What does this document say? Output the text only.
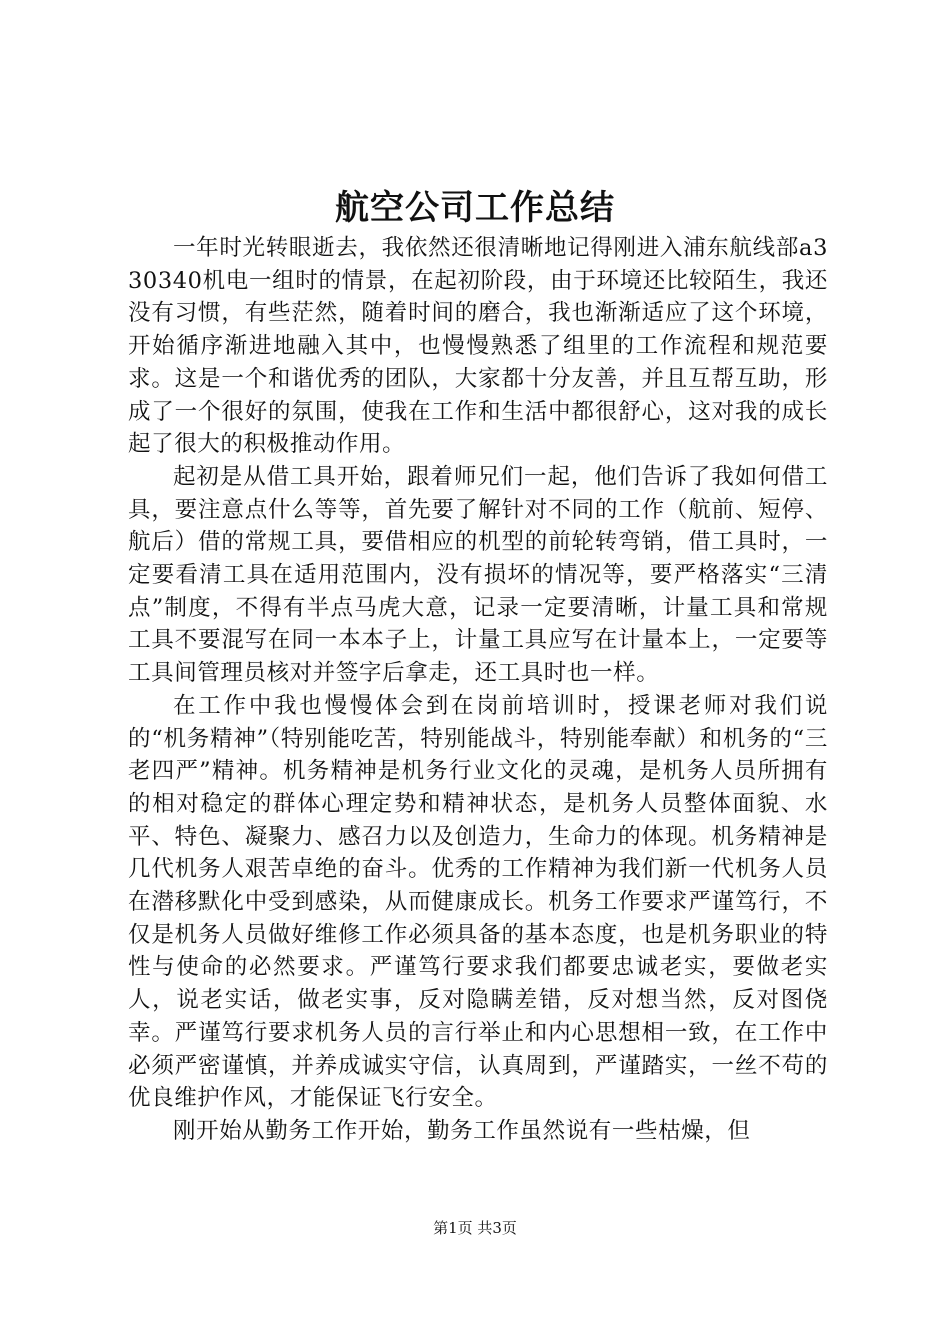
航空公司工作总结

一年时光转眼逝去，我依然还很清晰地记得刚进入浦东航线部a330340机电一组时的情景，在起初阶段，由于环境还比较陌生，我还没有习惯，有些茫然，随着时间的磨合，我也渐渐适应了这个环境，开始循序渐进地融入其中，也慢慢熟悉了组里的工作流程和规范要求。这是一个和谐优秀的团队，大家都十分友善，并且互帮互助，形成了一个很好的氛围，使我在工作和生活中都很舒心，这对我的成长起了很大的积极推动作用。

起初是从借工具开始，跟着师兄们一起，他们告诉了我如何借工具，要注意点什么等等，首先要了解针对不同的工作（航前、短停、航后）借的常规工具，要借相应的机型的前轮转弯销，借工具时，一定要看清工具在适用范围内，没有损坏的情况等，要严格落实“三清点”制度，不得有半点马虎大意，记录一定要清晰，计量工具和常规工具不要混写在同一本本子上，计量工具应写在计量本上，一定要等工具间管理员核对并签字后拿走，还工具时也一样。

在工作中我也慢慢体会到在岗前培训时，授课老师对我们说的“机务精神”（特别能吃苦，特别能战斗，特别能奉献）和机务的“三老四严”精神。机务精神是机务行业文化的灵魂，是机务人员所拥有的相对稳定的群体心理定势和精神状态，是机务人员整体面貌、水平、特色、凝聚力、感召力以及创造力，生命力的体现。机务精神是几代机务人艰苦卓绝的奋斗。优秀的工作精神为我们新一代机务人员在潜移默化中受到感染，从而健康成长。机务工作要求严谨笃行，不仅是机务人员做好维修工作必须具备的基本态度，也是机务职业的特性与使命的必然要求。严谨笃行要求我们都要忠诚老实，要做老实人，说老实话，做老实事，反对隐瞒差错，反对想当然，反对图侥幸。严谨笃行要求机务人员的言行举止和内心思想相一致，在工作中必须严密谨慎，并养成诚实守信，认真周到，严谨踏实，一丝不苟的优良维护作风，才能保证飞行安全。

刚开始从勤务工作开始，勤务工作虽然说有一些枯燥，但

第1页 共3页
